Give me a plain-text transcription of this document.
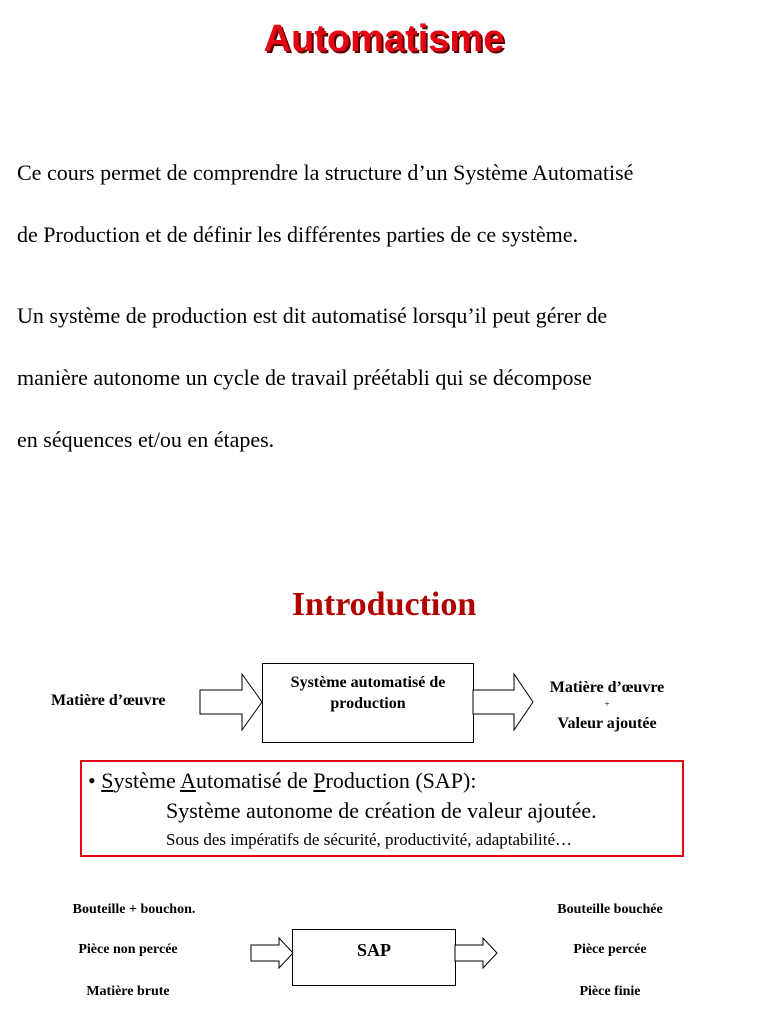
Automatisme
Ce cours permet de comprendre la structure d’un Système Automatisé
de Production et de définir les différentes parties de ce système.
Un système de production est dit automatisé lorsqu’il peut gérer de
manière autonome un cycle de travail préétabli qui se décompose
en séquences et/ou en étapes.
Introduction
Matière d’œuvre
Système automatisé de production
Matière d’œuvre
+
Valeur ajoutée
• Système Automatisé de Production (SAP):
Système autonome de création de valeur ajoutée.
Sous des impératifs de sécurité, productivité, adaptabilité…
Bouteille + bouchon.
Pièce non percée
Matière brute
SAP
Bouteille bouchée
Pièce percée
Pièce finie
